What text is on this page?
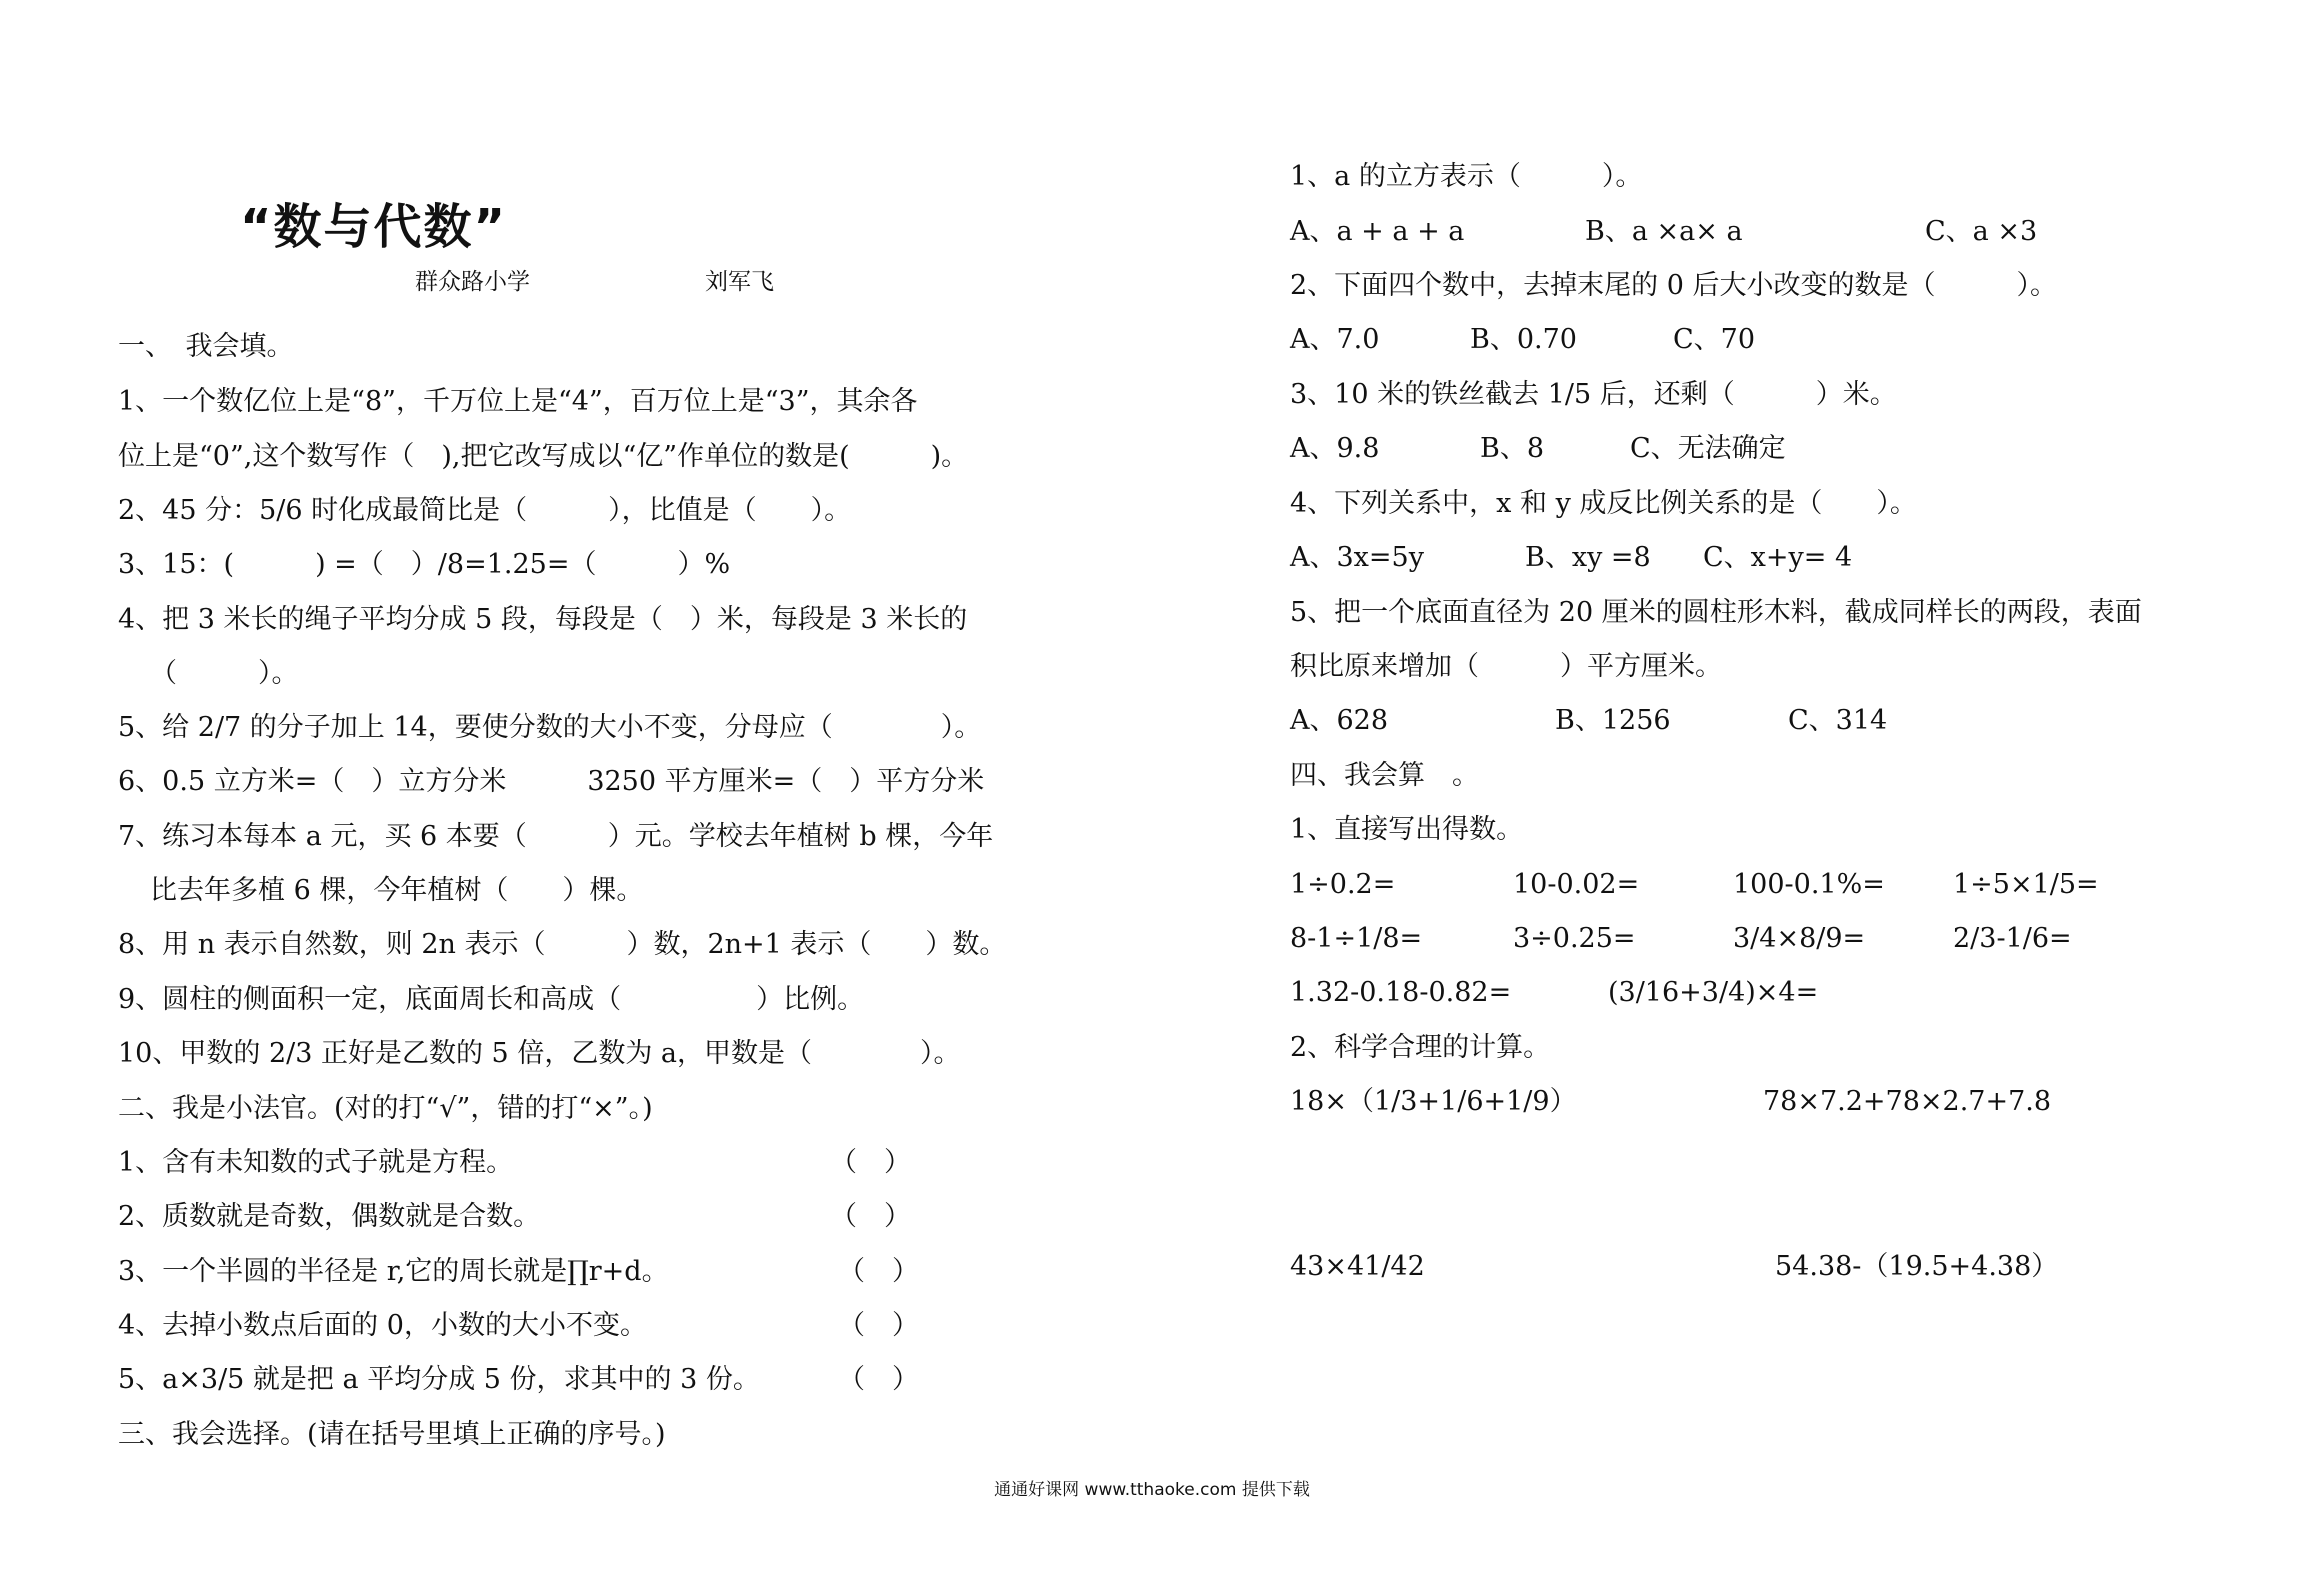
“数与代数”
群众路小学	刘军飞
一、　我会填。
1、一个数亿位上是“8”，千万位上是“4”，百万位上是“3”，其余各
位上是“0”,这个数写作（　),把它改写成以“亿”作单位的数是(　　　)。
2、45 分：5/6 时化成最简比是（　　　），比值是（　　）。
3、15：(　　　) =（　）/8=1.25=（　　　）%
4、把 3 米长的绳子平均分成 5 段，每段是（　）米，每段是 3 米长的
（　　　）。
5、给 2/7 的分子加上 14，要使分数的大小不变，分母应（　　　　）。
6、0.5 立方米=（　）立方分米　　　3250 平方厘米=（　）平方分米
7、练习本每本 a 元，买 6 本要（　　　）元。学校去年植树 b 棵，今年
比去年多植 6 棵，今年植树（　　）棵。
8、用 n 表示自然数，则 2n 表示（　　　）数，2n+1 表示（　　）数。
9、圆柱的侧面积一定，底面周长和高成（　　　　　）比例。
10、甲数的 2/3 正好是乙数的 5 倍，乙数为 a，甲数是（　　　　）。
二、我是小法官。(对的打“√”，错的打“×”。)
1、含有未知数的式子就是方程。	（　）
2、质数就是奇数，偶数就是合数。	（　）
3、一个半圆的半径是 r,它的周长就是∏r+d。	（　）
4、去掉小数点后面的 0，小数的大小不变。	（　）
5、a×3/5 就是把 a 平均分成 5 份，求其中的 3 份。	（　）
三、我会选择。(请在括号里填上正确的序号。)
1、a 的立方表示（　　　）。
A、a + a + a	B、a ×a× a	C、a ×3
2、下面四个数中，去掉末尾的 0 后大小改变的数是（　　　）。
A、7.0	B、0.70	C、70
3、10 米的铁丝截去 1/5 后，还剩（　　　）米。
A、9.8	B、8	C、无法确定
4、下列关系中，x 和 y 成反比例关系的是（　　）。
A、3x=5y	B、xy =8 C、x+y= 4
5、把一个底面直径为 20 厘米的圆柱形木料，截成同样长的两段，表面
积比原来增加（　　　）平方厘米。
A、628	B、1256	C、314
四、我会算　。
1、直接写出得数。
1÷0.2=	10-0.02=	100-0.1%=	1÷5×1/5=
8-1÷1/8=	3÷0.25=	3/4×8/9=	2/3-1/6=
1.32-0.18-0.82=	(3/16+3/4)×4=
2、科学合理的计算。
18×（1/3+1/6+1/9）	78×7.2+78×2.7+7.8
43×41/42	54.38-（19.5+4.38）
通通好课网 www.tthaoke.com 提供下载
